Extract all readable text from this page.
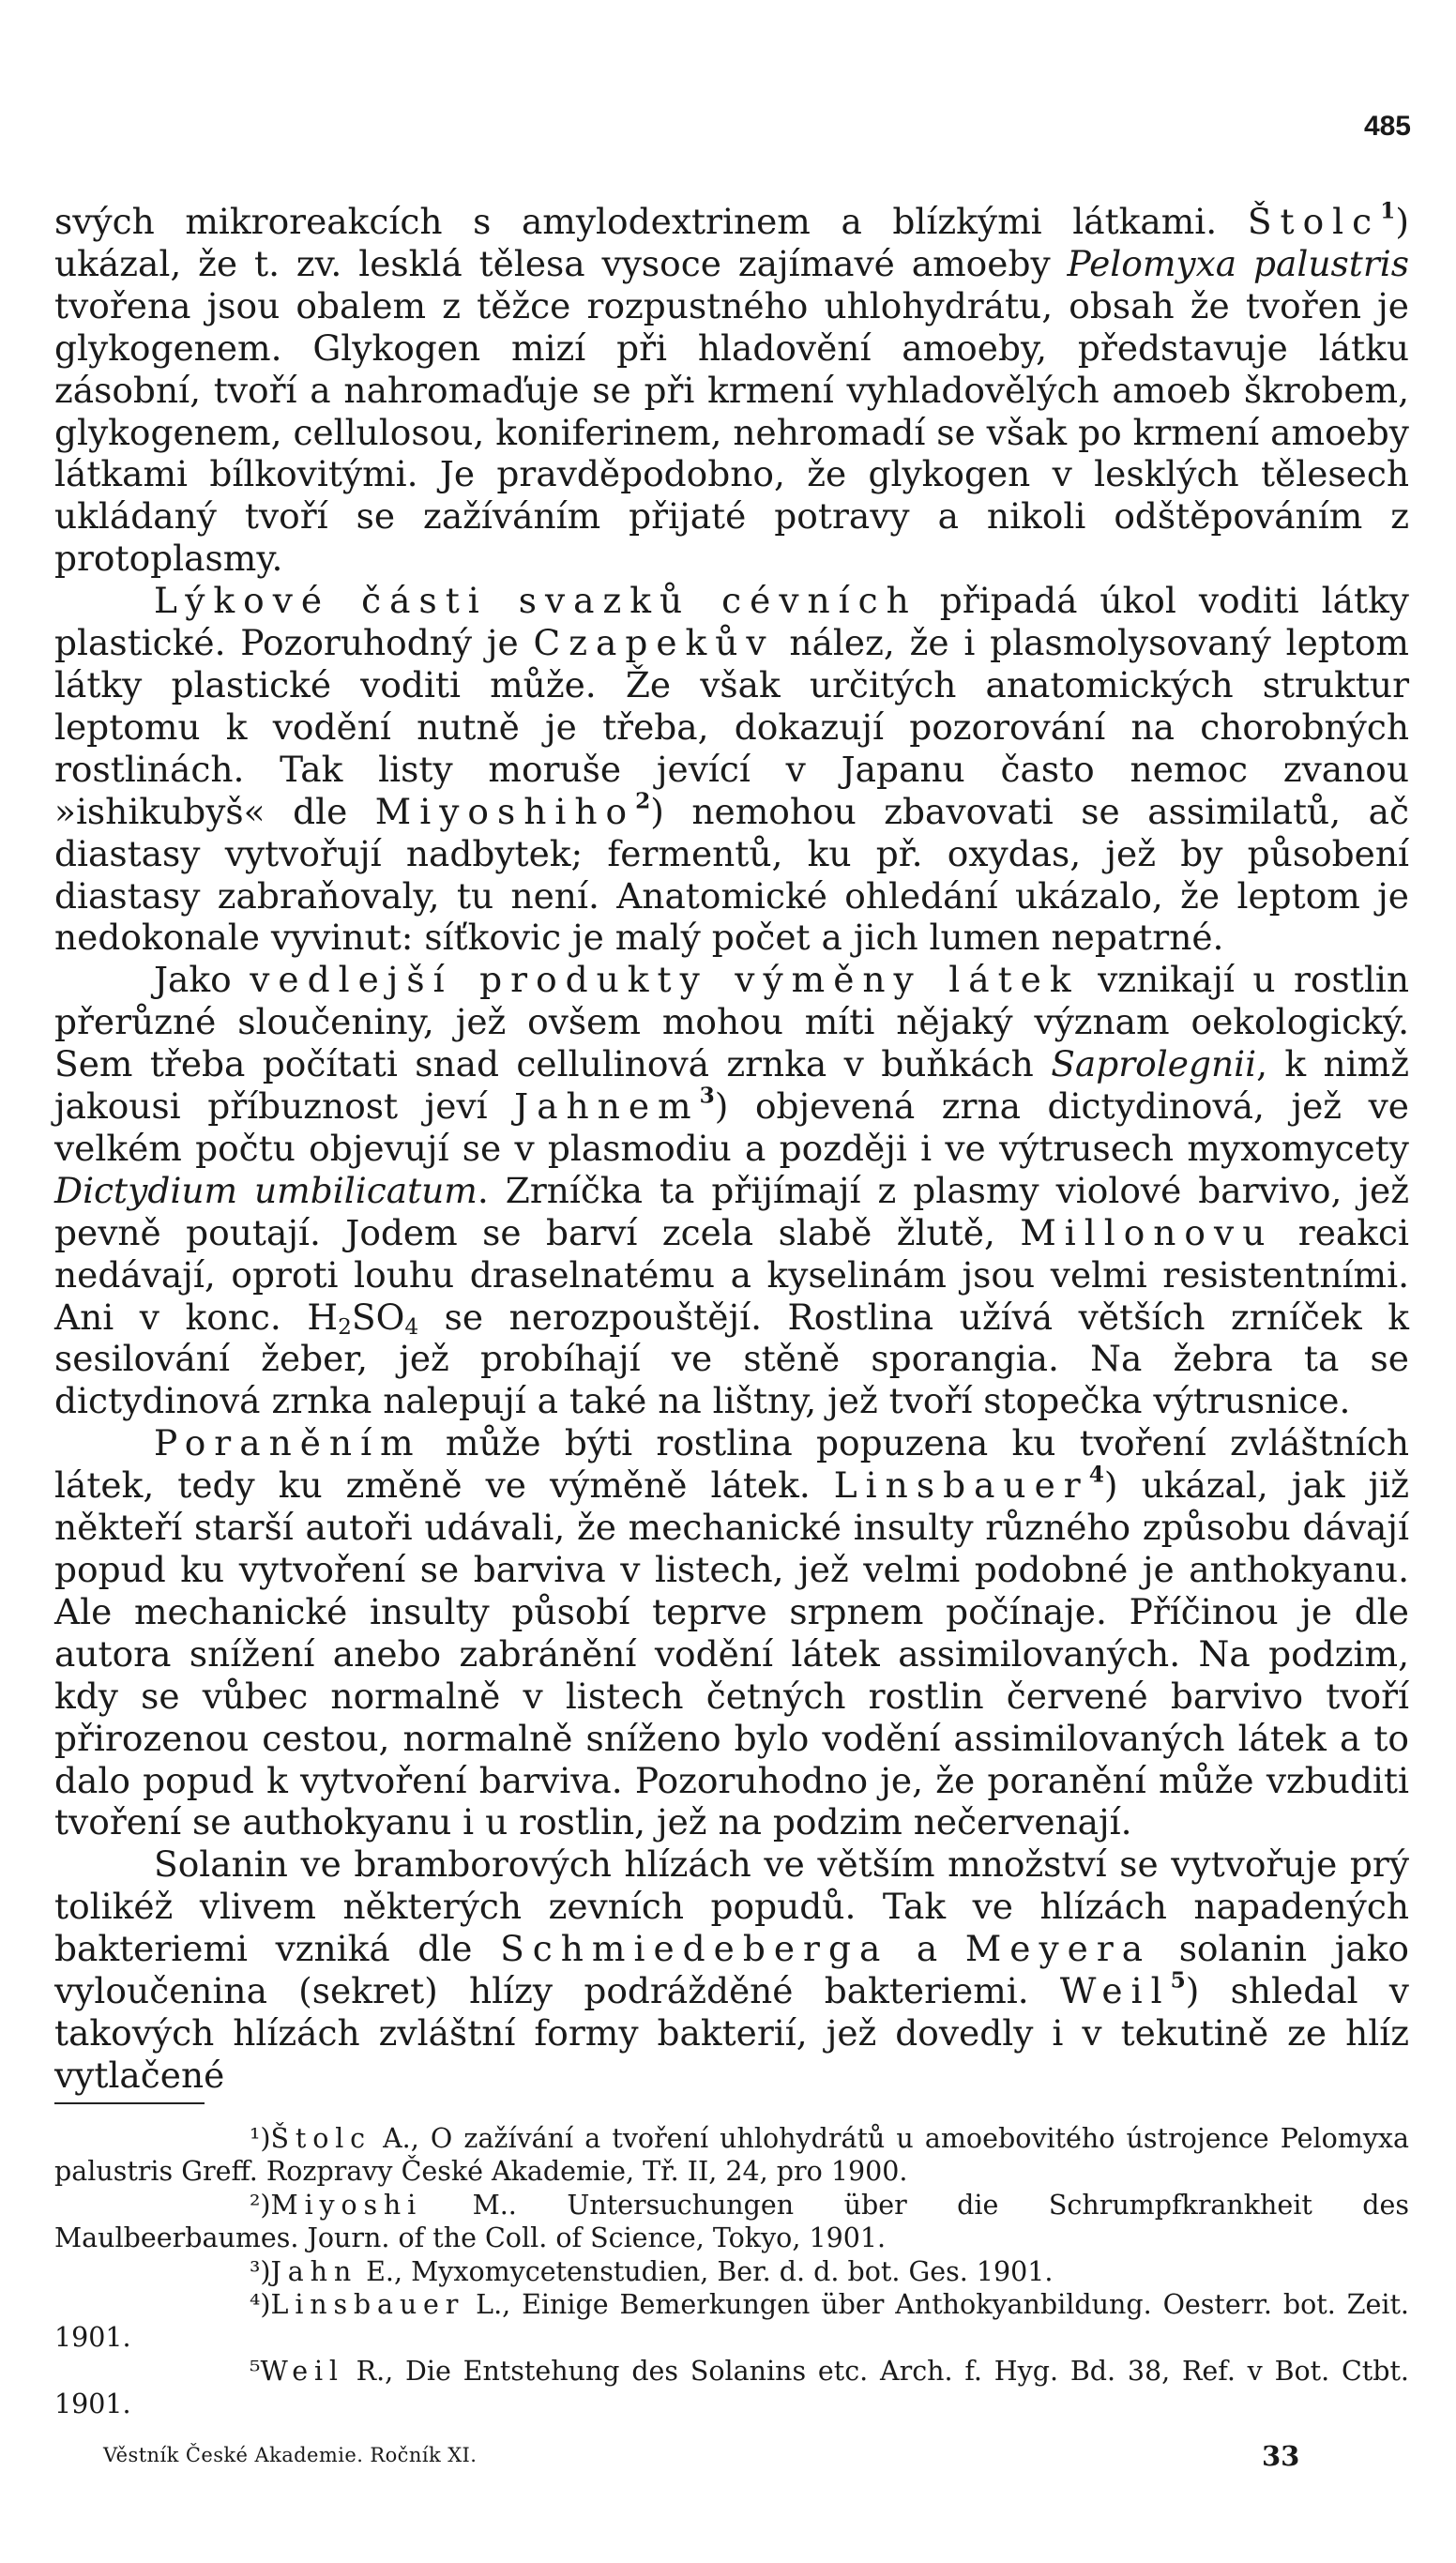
485

svých mikroreakcích s amylodextrinem a blízkými látkami. Štolc$^1$) ukázal, že t. zv. lesklá tělesa vysoce zajímavé amoeby Pelomyxa palustris tvořena jsou obalem z těžce rozpustného uhlohydrátu, obsah že tvořen je glykogenem. Glykogen mizí při hladovění amoeby, představuje látku zásobní, tvoří a nahromaďuje se při krmení vyhladovělých amoeb škrobem, glykogenem, cellulosou, koniferinem, nehromadí se však po krmení amoeby látkami bílkovitými. Je pravděpodobno, že glykogen v lesklých tělesech ukládaný tvoří se zažíváním přijaté potravy a nikoli odštěpováním z protoplasmy.

Lýkové části svazků cévních připadá úkol voditi látky plastické. Pozoruhodný je Czapekův nález, že i plasmolysovaný leptom látky plastické voditi může. Že však určitých anatomických struktur leptomu k vodění nutně je třeba, dokazují pozorování na chorobných rostlinách. Tak listy moruše jevící v Japanu často nemoc zvanou »ishikubyš« dle Miyoshiho$^2$) nemohou zbavovati se assimilatů, ač diastasy vytvořují nadbytek; fermentů, ku př. oxydas, jež by působení diastasy zabraňovaly, tu není. Anatomické ohledání ukázalo, že leptom je nedokonale vyvinut: síťkovic je malý počet a jich lumen nepatrné.

Jako vedlejší produkty výměny látek vznikají u rostlin přerůzné sloučeniny, jež ovšem mohou míti nějaký význam oekologický. Sem třeba počítati snad cellulinová zrnka v buňkách Saprolegnii, k nimž jakousi příbuznost jeví Jahnem$^3$) objevená zrna dictydinová, jež ve velkém počtu objevují se v plasmodiu a později i ve výtrusech myxomycety Dictydium umbilicatum. Zrníčka ta přijímají z plasmy violové barvivo, jež pevně poutají. Jodem se barví zcela slabě žlutě, Millonovu reakci nedávají, oproti louhu draselnatému a kyselinám jsou velmi resistentními. Ani v konc. $H_2SO_4$ se nerozpouštějí. Rostlina užívá větších zrníček k sesilování žeber, jež probíhají ve stěně sporangia. Na žebra ta se dictydinová zrnka nalepují a také na lištny, jež tvoří stopečka výtrusnice.

Poraněním může býti rostlina popuzena ku tvoření zvláštních látek, tedy ku změně ve výměně látek. Linsbauer$^4$) ukázal, jak již někteří starší autoři udávali, že mechanické insulty různého způsobu dávají popud ku vytvoření se barviva v listech, jež velmi podobné je anthokyanu. Ale mechanické insulty působí teprve srpnem počínaje. Příčinou je dle autora snížení anebo zabránění vodění látek assimilovaných. Na podzim, kdy se vůbec normalně v listech četných rostlin červené barvivo tvoří přirozenou cestou, normalně sníženo bylo vodění assimilovaných látek a to dalo popud k vytvoření barviva. Pozoruhodno je, že poranění může vzbuditi tvoření se authokyanu i u rostlin, jež na podzim nečervenají.

Solanin ve bramborových hlízách ve větším množství se vytvořuje prý tolikéž vlivem některých zevních popudů. Tak ve hlízách napadených bakteriemi vzniká dle Schmiedeberga a Meyera solanin jako vyloučenina (sekret) hlízy podrážděné bakteriemi. Weil$^5$) shledal v takových hlízách zvláštní formy bakterií, jež dovedly i v tekutině ze hlíz vytlačené

¹)Štolc A., O zažívání a tvoření uhlohydrátů u amoebovitého ústrojence Pelomyxa palustris Greff. Rozpravy České Akademie, Tř. II, 24, pro 1900.

²)Miyoshi M.. Untersuchungen über die Schrumpfkrankheit des Maulbeerbaumes. Journ. of the Coll. of Science, Tokyo, 1901.

³)Jahn E., Myxomycetenstudien, Ber. d. d. bot. Ges. 1901.

⁴)Linsbauer L., Einige Bemerkungen über Anthokyanbildung. Oesterr. bot. Zeit. 1901.

⁵Weil R., Die Entstehung des Solanins etc. Arch. f. Hyg. Bd. 38, Ref. v Bot. Ctbt. 1901.

Věstník České Akademie. Ročník XI.	33
